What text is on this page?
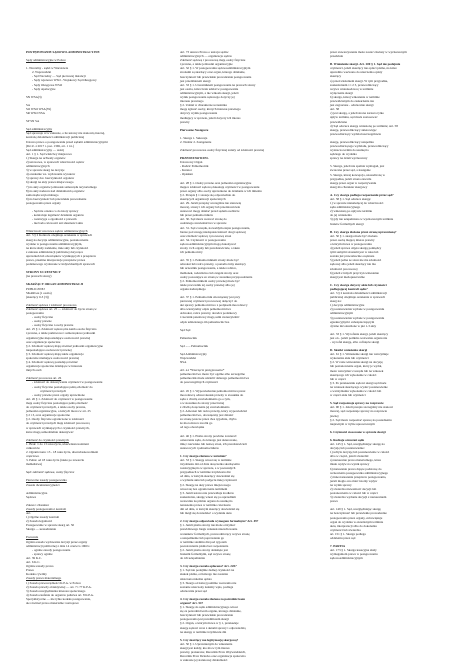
POSTĘPOWANIE SĄDOWO-ADMINISTRACYJNE
Sądy administracyjne w Polsce
1. Naczelny - sądzi w Warszawie
2. Wojewódzki
- Sąd Naczelny — Sąd pierwszej instancji
- Sądy rejonowe WSO - Wojskowy Sąd Okręgowy
- Sądy Okręgowe WSO
- Sądy Apelacyjne
SN WSA(3)
SA
SO WSO WSA(3S)
SR WSO NSA
SP SN SA
Sąd administracyjny
Sąd sprawuje w/w zakresie, o ile ustawy nie stanowią inaczej,
kontrolę działalności administracji publicznej
Ustawa prawo o postępowaniu przed sądami administracyjnymi
(Dz.U. z 2017 r. poz. 1369, art. 1 i n.)
Sąd administracyjny — ustrój
Art. 1 § 1. Sąd właściwy miejscowo
1) Skarga na uchwały organów
2) ustawowe, w sprawach właściwości sądów
administracyjnych
3) w sprawie skarg na decyzje
4) orzekanie ws. wydawania wyroków
5) sprawy dot. bezczynności organów
6) skargi na akty prawa miejscowego
7) na akty organów jednostek samorządu terytorialnego
8) na akty nadzoru nad działalnością organów
samorządu terytorialnego
9) na bezczynność lub przewlekłe prowadzenie
postępowania przez organy
- Sąd nie orzeka co do istoty sprawy
- kontroluje legalność działania organów
- rozstrzyga o zgodności z prawem
- nie bada celowości ani słuszności aktu
Właściwość rzeczowa sądów administracyjnych
Art. 3 § 2 Kontrola obejmuje orzekanie w sprawach
skarg na decyzje administracyjne, postanowienia
wydane w postępowaniu administracyjnym,
na które służy zażalenie, inne akty lub czynności
z zakresu administracji publicznej dotyczące
uprawnień lub obowiązków wynikających z przepisów
prawa, pisemne interpretacje przepisów prawa
podatkowego wydawane w indywidualnych sprawach
STRONY UCZESTNICY
(na prawach strony)
SKARŻĄCY ORGAN ADMINISTRACJI
PUBLICZNEJ
SKARGA (1 osoba)
(skarżący 0-3 (3))
Zdolność sądowa i zdolność procesowa
Zdolność sądowa art. 25 — zdolność do bycia stroną w
postępowaniu
- osoby fizyczne
- osoby prawne
- osoby fizyczne i osoby prawne
Art. 25 § 1. Zdolność sądową ma każda osoba fizyczna
i prawna, a także państwowe i samorządowe jednostki
organizacyjne nieposiadające osobowości prawnej
oraz organizacje społeczne
§ 2. Zdolność sądową mają również jednostki organizacyjne
nieposiadające osobowości prawnej
§ 3. Zdolność sądową mają także organizacje
społeczne niemające osobowości prawnej
§ 4. Zdolność sądową posiadają również
organizacje społeczne działające w interesie
innych osób
Zdolność procesowa art. 26
- zdolność do dokonywania czynności w postępowaniu
- osoby fizyczne posiadające pełną zdolność do
czynności prawnych
- osoby prawne przez organy uprawnione
Art. 26 § 1. Zdolność do czynności w postępowaniu
mają osoby fizyczne posiadające pełną zdolność
do czynności prawnych, a także osoby prawne,
jednostki organizacyjne, o których mowa w art. 25
§ 2 i 3, oraz organizacje społeczne
§ 2. Osoby fizyczne ograniczone w zdolności
do czynności prawnych mają zdolność procesową
w sprawach wynikających z czynności prawnych,
które mogą samodzielnie dokonywać
Zdolność do czynności prawnych
1. Brak: ≤ do 13 roku życia, ubezwłasnowolnieni
całkowicie
2. Ograniczona: 13 - 18 roku życia, ubezwłasnowolnieni
częściowo
3. Pełna: od 18 roku życia (także po zawarciu
małżeństwa)
Sąd: zdolność sądowa, osoby fizyczne
Pierwotne zasady postępowania
Zasada dwuinstancyjności
Administracyjna
Sądowa
Zakres i charakter
Zasady postępowania i kontroli
Art.
1) Ogólne zasady kontroli
2) Zasada legalności
Postępowanie w sprawie skarg art. 50
Skarga — uzasadnienie
Pozostałe
Ogólna zasada wydawania decyzji przez organy
administracji publicznej z dnia 14 czerwca 1960 r.
- ogólne zasady postępowania
- sprawy ogólne
Art. 39 K.C.
Art. 6 K.C.
Ogólne zasady prawa
Prawo
Kodeks cywilny
Zasady prawa materialnego
1) Zasada praworządności K.P.A. w Polsce
2) Zasada prawdy obiektywnej — art. 7 i 77 K.P.A.
3) Zasada uwzględniania interesu społecznego
4) Zasada zaufania do organów państwa art. 8 K.P.A.
Specjalistyczne — nie tylko kodeks postępowania,
ale również prawo materialne i ustrojowe
Art. 73 ustawa Prawo o ustroju sądów
administracyjnych — organizacja sądów
Zdolność sądową i procesową mają osoby fizyczne
i prawne, a także jednostki organizacyjne
Art. 32 § 1. W postępowaniu sądowoadministracyjnym
stronami są skarżący oraz organ, którego działanie,
bezczynność lub przewlekłe prowadzenie postępowania
jest przedmiotem skargi
Art. 33 § 1. Uczestnikiem postępowania na prawach strony
jest osoba, która brała udział w postępowaniu
administracyjnym, a nie wniosła skargi, jeżeli
wynik postępowania sądowego dotyczy jej
interesu prawnego
§ 2. Udział w charakterze uczestnika
mogą zgłosić osoby, których interesu prawnego
dotyczy wynik postępowania
mediujący w sprawie, jeżeli dotyczy ich interes
prawny
Pierwotne Następcze
1. Skarga 1. Sukcesja
2. Nadzór 2. Zastąpienie
Zdolność procesowa osoby fizycznej zależy od zdolności prawnej
PRZEDSTAWICIEL
Ustawowy Organ
- Rodzic Pełnomocnik
- Kurator
- Opiekun
Art. 28 § 1. Osoby prawne oraz jednostki organizacyjne
mające zdolność sądową dokonują czynności w postępowaniu
przez organy albo osoby uprawnione do działania w ich imieniu
§ 2. Przepis § 1 stosuje się odpowiednio do
skarżących organizacji społecznych
Art. 29. Jeżeli przepisy szczególne nie stanowią
inaczej, strony i ich organy lub przedstawiciele
ustawowi mogą działać przed sądem osobiście
lub przez pełnomocników
Art. 30. Sąd może wezwać stronę do
osobistego stawiennictwa w sprawie
Art. 31. Sąd z urzędu, na każdym etapie postępowania,
bierze pod uwagę niedopuszczalność drogi sądowej
oraz zdolność sądową i procesową stron
Art. 34. Czynności w postępowaniu
sądowoadministracyjnym mogą dokonywać
strony i ich organy lub przedstawiciele, a także
ich pełnomocnicy
Art. 35 § 1. Pełnomocnikiem strony może być
adwokat lub radca prawny, a ponadto inny skarżący
lub uczestnik postępowania, a także rodzice,
małżonek, rodzeństwo lub zstępni strony oraz
osoby pozostające ze stroną w stosunku przysposobienia
§ 2. Pełnomocnikiem osoby prawnej może być
także pracownik tej osoby prawnej albo jej
organu nadrzędnego
Art. 37 § 1. Pełnomocnik obowiązany jest przy
pierwszej czynności procesowej dołączyć do
akt sprawy pełnomocnictwo z podpisem mocodawcy
albo wierzytelny odpis pełnomocnictwa
Adwokat, radca prawny, doradca podatkowy
i rzecznik patentowy mogą sami uwierzytelnić
odpis udzielonego im pełnomocnictwa
Sąd Sąd
Pełnomocnik
Sąd ...... Pełnomocnik
Sąd Administracyjny
Wojewódzki
NSA
Art. 44 *Wszczęcie postępowania*
pełnomocnictwo może być ogólne albo szczególne
pełnomocnik może udzielić dalszego pełnomocnictwa
do poszczególnych czynności
Art. 45 § 1. Wypowiedzenie pełnomocnictwa przez
mocodawcę odnosi skutek prawny w stosunku do
sądu z chwilą zawiadomienia go o tym,
a w stosunku do strony przeciwnej
z chwilą doręczenia jej zawiadomienia
§ 2. Adwokat lub radca prawny, który wypowiedział
pełnomocnictwo, obowiązany jest działać
za stronę jeszcze przez dwa tygodnie, chyba
że mocodawca zwolni go
od tego obowiązku
Art. 46 § 1. Pismo strony powinno zawierać:
oznaczenie sądu, do którego jest skierowane,
imię i nazwisko lub nazwę stron, ich przedstawicieli
ustawowych i pełnomocników
1. Czy skarga złożona w terminie?
Art. 53 § 1. Skargę wnosi się w terminie
trzydziestu dni od dnia doręczenia skarżącemu
rozstrzygnięcia w sprawie, a w pozostałych
przypadkach w terminie trzydziestu dni
od dnia, w którym skarżący dowiedział się
o wydaniu aktu lub podjęciu innej czynności
§ 2. Skargę na akty prawa miejscowego
wnosi się bez ograniczenia terminem
§ 3. Jeżeli ustawa nie przewiduje środków
zaskarżenia, skargę wnosi się po uprzednim
wezwaniu na piśmie organu do usunięcia
naruszenia prawa w terminie czternastu
dni od dnia, w którym skarżący dowiedział się
lub mógł się dowiedzieć o wydaniu aktu
2. Czy skarga odpowiada wymogom formalnym? Art. 49?
§ 1. Jeżeli pismo strony nie może otrzymać
prawidłowego biegu wskutek niezachowania
warunków formalnych, przewodniczący wzywa stronę
o uzupełnienie lub poprawienie go
w terminie siedmiu dni pod rygorem
pozostawienia pisma bez rozpoznania
§ 2. Jeżeli pismo strony dotknięte jest
brakami formalnymi, sąd wzywa stronę
do ich uzupełnienia
3. Czy skarga została opłacona? Art. 220?
§ 1. Sąd nie podejmie żadnej czynności na
skutek pisma, od którego nie zostanie
uiszczona należna opłata
§ 3. Skarga od której pomimo wezwania nie
zostanie uiszczony należny wpis, podlega
odrzuceniu przez sąd
4. Czy skarga została złożona za pośrednictwem
organu? Art. 54?
§ 1. Skargę do sądu administracyjnego wnosi
się za pośrednictwem organu, którego działanie,
bezczynność lub przewlekłe prowadzenie
postępowania jest przedmiotem skargi
§ 2. Organ, o którym mowa w § 1, przekazuje
skargę sądowi wraz z aktami sprawy i odpowiedzią
na skargę w terminie trzydziestu dni
5. Czy skarżący ma legitymację skargową?
Art. 50 § 1. Uprawnionym do wniesienia
skargi jest każdy, kto ma w tym interes
prawny, prokurator, Rzecznik Praw Obywatelskich,
Rzecznik Praw Dziecka oraz organizacja społeczna
w zakresie jej statutowej działalności
przez stowarzyszenie może zostać złożony w wyznaczonym
przedziale
B. Wniesienie skargi. Art. 200 § 1. Sąd nie podejmie
czynności, jeżeli skarżący nie opłaci pisma, na które
uprzednio wezwano do uiszczenia opłaty
skarżący
a) przed złożeniem skargi. W tym przypadku,
zaskarżeniem 1 i 2 3, przewodniczący
wzywa wnioskodawcę w terminie
wyłączenia skargi
b) skarga, której wniesienie w terminie
przewidzianym do zaskarżenia nie
jest zagrożone - odrzucenie skargi
Art. 58
c) jest skargą, a jeżeli strona zarzuca tylko
upływ terminu, sąd może zastosować
przewidziane
d) Sąd odrzuca skargę wniesioną po terminie; Art. 58
skargę, przewodniczący skierowując
przewodniczący wydział uszczegóławia
skargę, przewodniczący uzupełnia
przewodniczącego wydziału, przewodniczący
wyznacza termin do usunięcia
sędziego do wydania
sprawy na dzień wyznaczony
5. Skarga, jeżeli nie spełnia wymagań, jest
zwracana przez sąd, a następnie
5. Skarga, której koncepcja, uzasadni się w
przypadku, jeżeli strona zawarła
skargę przez organ w rozpatrywaniu
skarg ma charakter skargowy
A. Czy skarga podlega rozpoznaniu przez sąd?
Art. 58 § 1. Sąd odrzuca skargę:
1) w sprawie nienależącej do właściwości
sądu administracyjnego
2) wniesioną po upływie terminu
do jej wniesienia
3) gdy nie uzupełniono w wyznaczonym terminie
braków formalnych skargi
B. Czy skarga złożona przez stronę uprawnioną?
Art. 50 § 1. skarga może być złożona
przez osobę mającą interes prawny
o którym mowa w postępowaniu
4) jeżeli sprawa objęta skargą pomiędzy
tymi samymi stronami jest w toku lub
została już prawomocnie osądzona
5) jeżeli jedna ze stron nie ma zdolności
sądowej albo jeżeli skarżący nie ma
zdolności procesowej
6) jeżeli z innych przyczyn wniesienie
skargi jest niedopuszczalne
C. Czy skarga dotyczy aktu lub czynności
podlegającej kontroli sądu?
Art. 3 § 2 kontrola działalności administracji
publicznej obejmuje orzekanie w sprawach
skarg na:
1) decyzje administracyjne
2) postanowienia wydane w postępowaniu
administracyjnym
3) postanowienia wydane w postępowaniu
egzekucyjnym i zabezpieczającym
4) inne niż określone w pkt 1-3 akty
Art. 33 § 1. Wycofanie skargi, jeżeli skarżący
jest on - jeżeli pomimo wezwania organu nie
- wycofał skargę, albo cofnięcie skargi
D. Skutki wniesienia skargi
Art. 61 § 1. Wniesienie skargi nie wstrzymuje
wykonania aktu lub czynności
§ 2. W razie wniesienia skargi na decyzję
lub postanowienie organ, który je wydał,
może wstrzymać z urzędu lub na wniosek
skarżącego ich wykonanie w całości
lub w części
§ 3. Po przekazaniu sądowi skargi sąd może
na wniosek skarżącego wydać postanowienie
o wstrzymaniu wykonania w całości lub
w części aktu lub czynności
5. Sąd rozpoznaje sprawy na rozprawie
Art. 90 § 1. Jeżeli przepis szczególny nie stanowi
inaczej, sąd rozpoznaje sprawy na rozprawie
jawnej
§ 2. Sąd może rozpoznać sprawę na posiedzeniu
niejawnym w trybie uproszczonym
6. Czynności stosowane w sprawie skargi
6. Rodzaje orzeczeń sądu
Art. 145 § 1. Sąd, uwzględniając skargę na
decyzję lub postanowienie:
1) uchyla decyzję lub postanowienie w całości
albo w części, jeżeli stwierdzi:
a) naruszenie prawa materialnego, które
miało wpływ na wynik sprawy
b) naruszenie prawa dające podstawę do
wznowienia postępowania administracyjnego
c) inne naruszenie przepisów postępowania,
jeżeli mogło ono mieć istotny wpływ
na wynik sprawy
2) stwierdza nieważność decyzji lub
postanowienia w całości lub w części
3) stwierdza wydanie decyzji z naruszeniem
prawa
Art. 149 § 1. Sąd, uwzględniając skargę
na bezczynność lub przewlekłe prowadzenie
postępowania przez organy, zobowiązuje
organ do wydania w określonym terminie
aktu, interpretacji albo do dokonania
czynności lub stwierdza
art. 151 § 1. Skarga podlega
oddaleniu przez sąd
7. PARTIA
Art. 173 § 1. Skarga kasacyjna służy
wymaganiom prawa w postępowaniu
sądowoadministracyjnym
